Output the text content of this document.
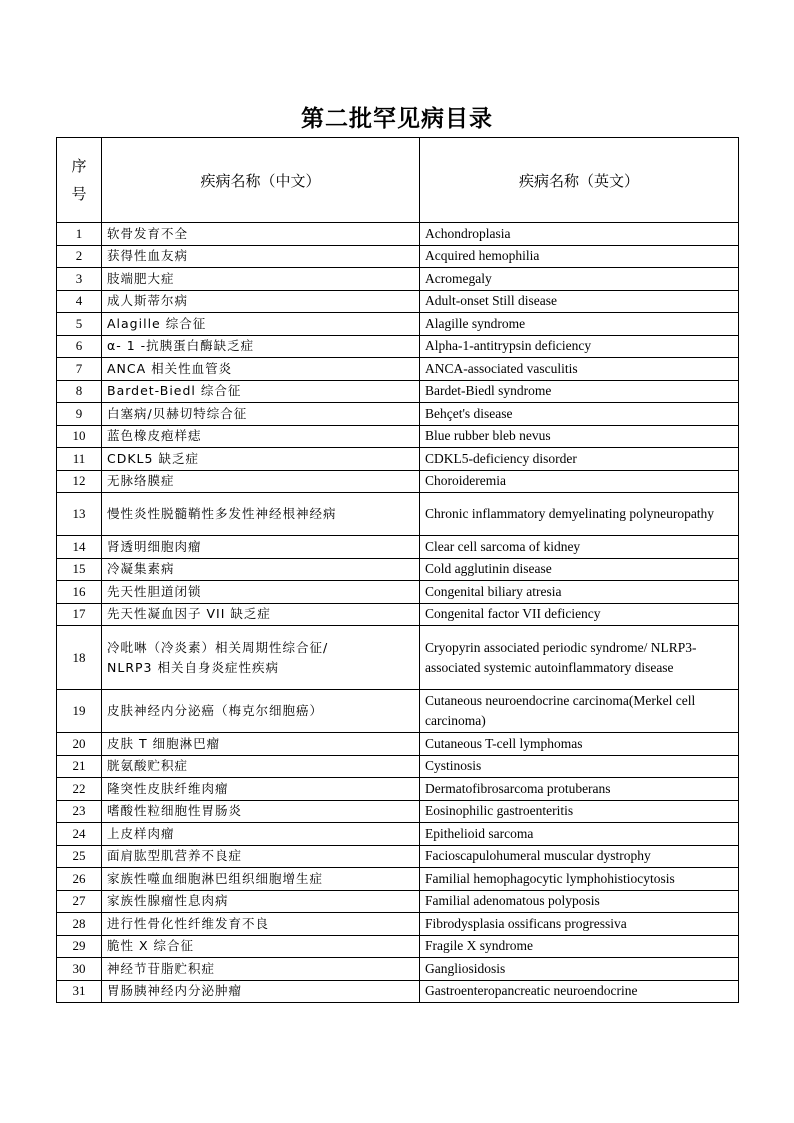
第二批罕见病目录
序
号	疾病名称（中文）	疾病名称（英文）
1	软骨发育不全	Achondroplasia
2	获得性血友病	Acquired hemophilia
3	肢端肥大症	Acromegaly
4	成人斯蒂尔病	Adult-onset Still disease
5	Alagille 综合征	Alagille syndrome
6	α- 1 -抗胰蛋白酶缺乏症	Alpha-1-antitrypsin deficiency
7	ANCA 相关性血管炎	ANCA-associated vasculitis
8	Bardet-Biedl 综合征	Bardet-Biedl syndrome
9	白塞病/贝赫切特综合征	Behçet's disease
10	蓝色橡皮疱样痣	Blue rubber bleb nevus
11	CDKL5 缺乏症	CDKL5-deficiency disorder
12	无脉络膜症	Choroideremia
13	慢性炎性脱髓鞘性多发性神经根神经病	Chronic inflammatory demyelinating polyneuropathy
14	肾透明细胞肉瘤	Clear cell sarcoma of kidney
15	冷凝集素病	Cold agglutinin disease
16	先天性胆道闭锁	Congenital biliary atresia
17	先天性凝血因子 VII 缺乏症	Congenital factor VII deficiency
18	冷吡啉（冷炎素）相关周期性综合征/
NLRP3 相关自身炎症性疾病	Cryopyrin associated periodic syndrome/ NLRP3-associated systemic autoinflammatory disease
19	皮肤神经内分泌癌（梅克尔细胞癌）	Cutaneous neuroendocrine carcinoma(Merkel cell carcinoma)
20	皮肤 T 细胞淋巴瘤	Cutaneous T-cell lymphomas
21	胱氨酸贮积症	Cystinosis
22	隆突性皮肤纤维肉瘤	Dermatofibrosarcoma protuberans
23	嗜酸性粒细胞性胃肠炎	Eosinophilic gastroenteritis
24	上皮样肉瘤	Epithelioid sarcoma
25	面肩肱型肌营养不良症	Facioscapulohumeral muscular dystrophy
26	家族性噬血细胞淋巴组织细胞增生症	Familial hemophagocytic lymphohistiocytosis
27	家族性腺瘤性息肉病	Familial adenomatous polyposis
28	进行性骨化性纤维发育不良	Fibrodysplasia ossificans progressiva
29	脆性 X 综合征	Fragile X syndrome
30	神经节苷脂贮积症	Gangliosidosis
31	胃肠胰神经内分泌肿瘤	Gastroenteropancreatic neuroendocrine
